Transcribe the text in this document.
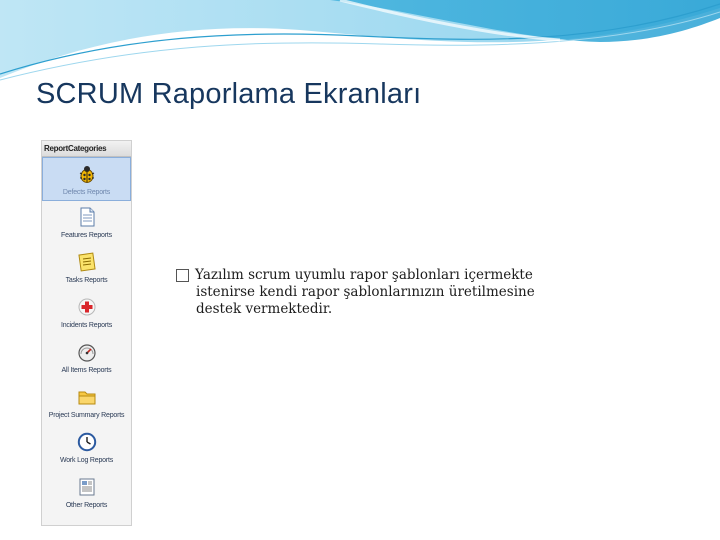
SCRUM Raporlama Ekranları
ReportCategories
Defects Reports
Features Reports
Tasks Reports
Incidents Reports
All Items Reports
Project Summary Reports
Work Log Reports
Other Reports
Yazılım scrum uyumlu rapor şablonları içermekte
istenirse kendi rapor şablonlarınızın üretilmesine
destek vermektedir.
